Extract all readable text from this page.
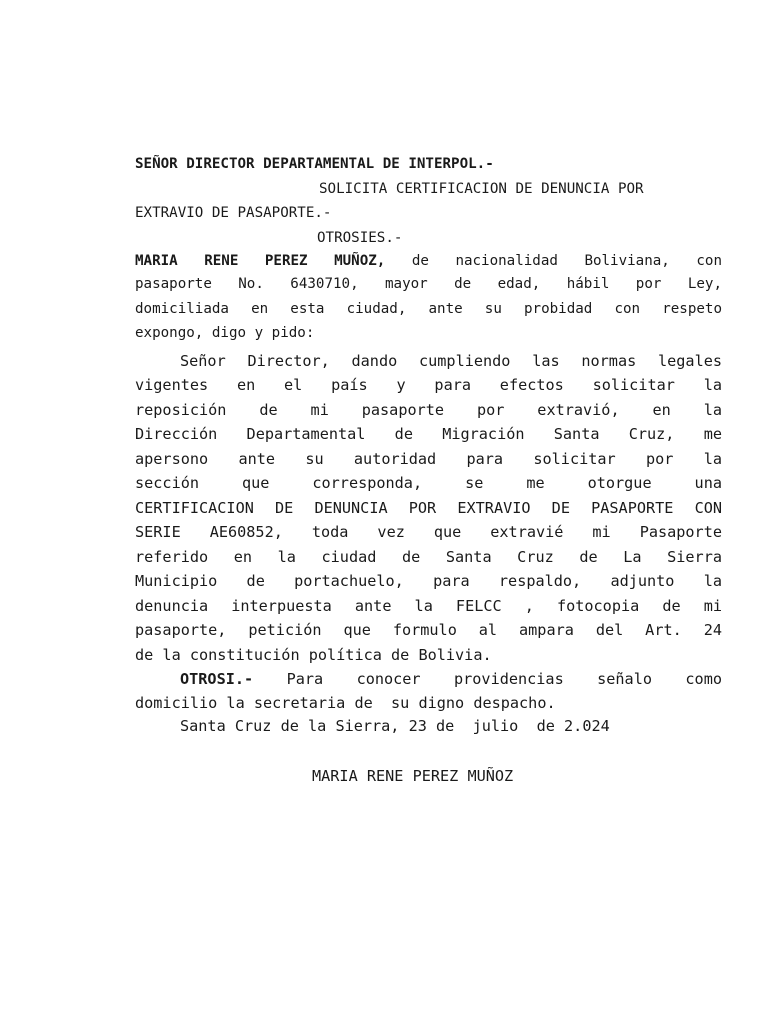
SEÑOR DIRECTOR DEPARTAMENTAL DE INTERPOL.-
SOLICITA CERTIFICACION DE DENUNCIA POR
EXTRAVIO DE PASAPORTE.-
OTROSIES.-
MARIA RENE PEREZ MUÑOZ, de nacionalidad Boliviana, con
pasaporte No. 6430710, mayor de edad, hábil por Ley,
domiciliada en esta ciudad, ante su probidad con respeto
expongo, digo y pido:
Señor Director, dando cumpliendo las normas legales
vigentes en el país y para efectos solicitar la
reposición de mi pasaporte por extravió, en la
Dirección Departamental de Migración Santa Cruz, me
apersono ante su autoridad para solicitar por la
sección que corresponda, se me otorgue una
CERTIFICACION DE DENUNCIA POR EXTRAVIO DE PASAPORTE CON
SERIE AE60852, toda vez que extravié mi Pasaporte
referido en la ciudad de Santa Cruz de La Sierra
Municipio de portachuelo, para respaldo, adjunto la
denuncia interpuesta ante la FELCC , fotocopia de mi
pasaporte, petición que formulo al ampara del Art. 24
de la constitución política de Bolivia.
OTROSI.- Para conocer providencias señalo como
domicilio la secretaria de  su digno despacho.
Santa Cruz de la Sierra, 23 de  julio  de 2.024
MARIA RENE PEREZ MUÑOZ
